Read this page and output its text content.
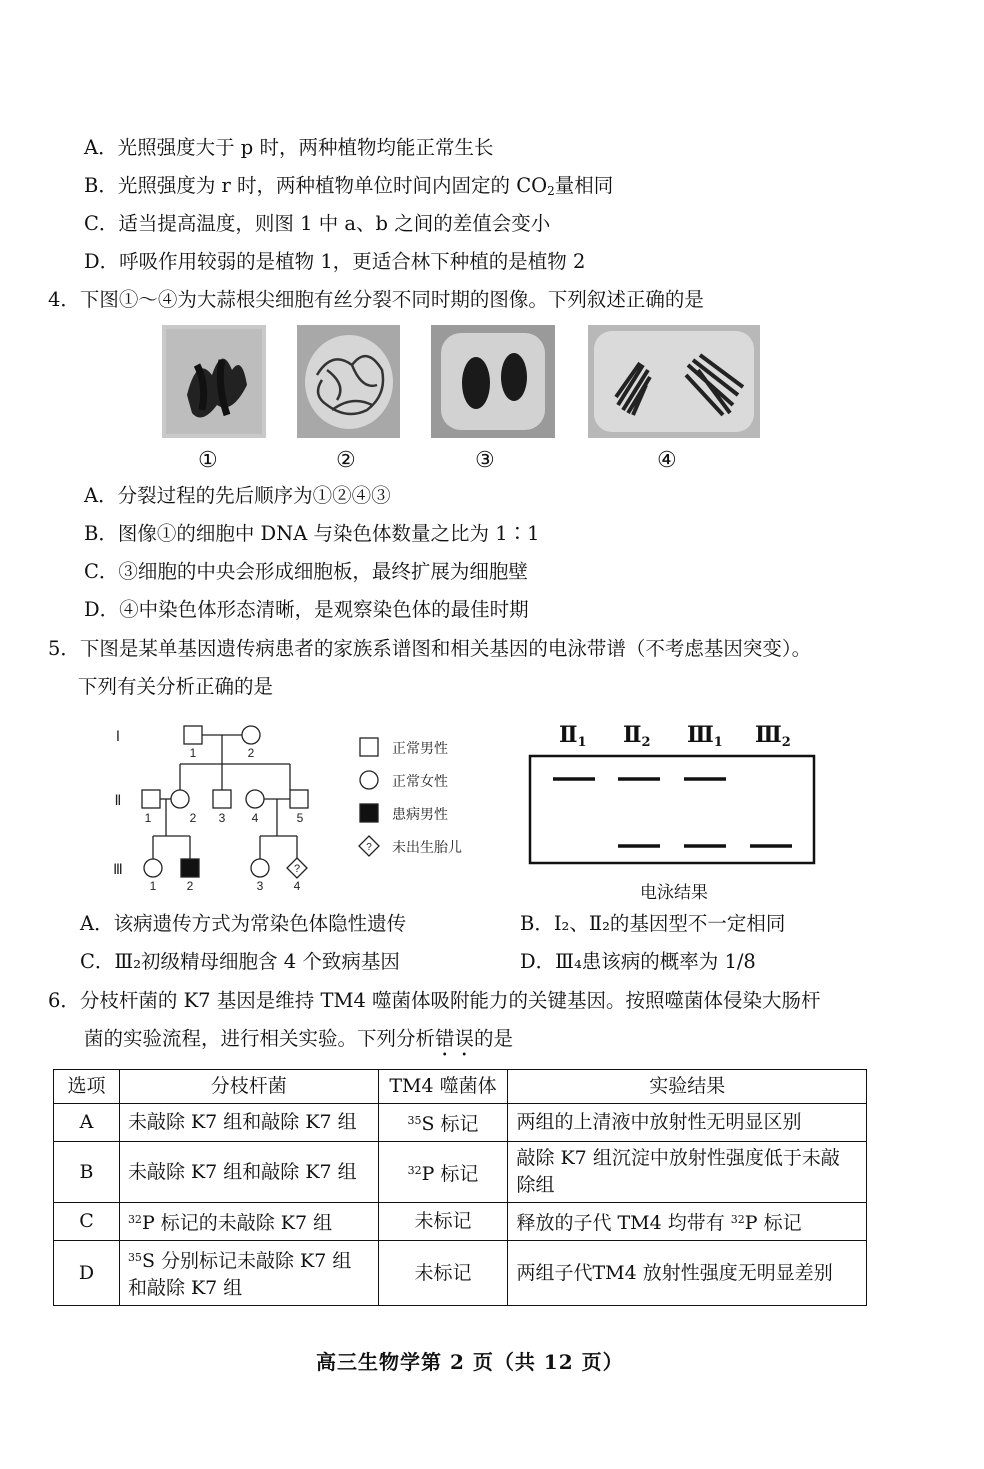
A．光照强度大于 p 时，两种植物均能正常生长
B．光照强度为 r 时，两种植物单位时间内固定的 $CO_2$量相同
C．适当提高温度，则图 1 中 a、b 之间的差值会变小
D．呼吸作用较弱的是植物 1，更适合林下种植的是植物 2
4．下图①～④为大蒜根尖细胞有丝分裂不同时期的图像。下列叙述正确的是
①	②	③	④
A．分裂过程的先后顺序为①②④③
B．图像①的细胞中 DNA 与染色体数量之比为 1∶1
C．③细胞的中央会形成细胞板，最终扩展为细胞壁
D．④中染色体形态清晰，是观察染色体的最佳时期
5．下图是某单基因遗传病患者的家族系谱图和相关基因的电泳带谱（不考虑基因突变）。
下列有关分析正确的是
Ⅰ
Ⅱ
Ⅲ
1	2
1	2 3 4	5
1	2	3	4
?
?
正常男性
正常女性
患病男性
未出生胎儿
Ⅱ1 Ⅱ2 Ⅲ1 Ⅲ2
电泳结果
A．该病遗传方式为常染色体隐性遗传	B．Ⅰ₂、Ⅱ₂的基因型不一定相同
C．Ⅲ₂初级精母细胞含 4 个致病基因	D．Ⅲ₄患该病的概率为 1/8
6．分枝杆菌的 K7 基因是维持 TM4 噬菌体吸附能力的关键基因。按照噬菌体侵染大肠杆
菌的实验流程，进行相关实验。下列分析错误的是
选项	分枝杆菌	TM4 噬菌体	实验结果
A	未敲除 K7 组和敲除 K7 组	$^{35}$S 标记	两组的上清液中放射性无明显区别
B	未敲除 K7 组和敲除 K7 组	$^{32}$P 标记	敲除 K7 组沉淀中放射性强度低于未敲除组
C	$^{32}$P 标记的未敲除 K7 组	未标记	释放的子代 TM4 均带有 $^{32}$P 标记
D	$^{35}$S 分别标记未敲除 K7 组和敲除 K7 组	未标记	两组子代TM4 放射性强度无明显差别
高三生物学第 2 页（共 12 页）
